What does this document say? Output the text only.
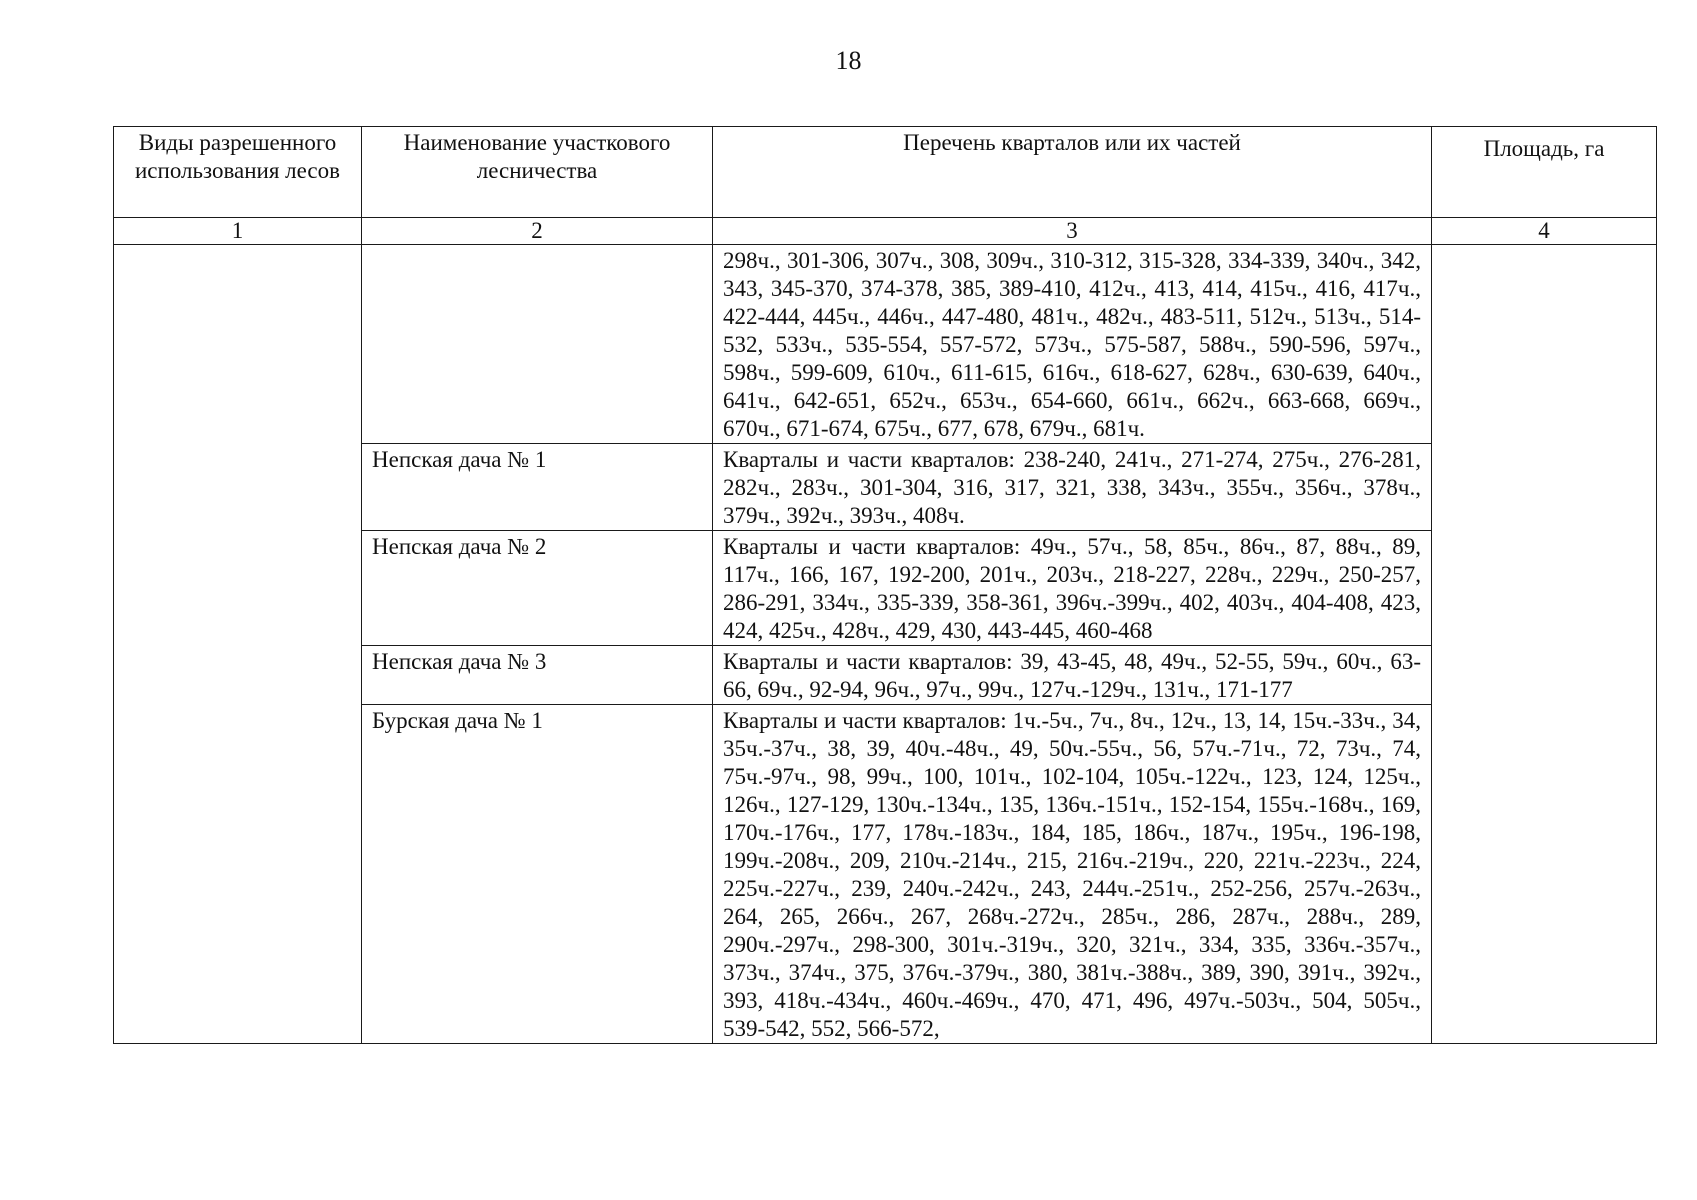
18
Виды разрешенного использования лесов	Наименование участкового лесничества	Перечень кварталов или их частей	Площадь, га
1	2	3	4
		298ч., 301-306, 307ч., 308, 309ч., 310-312, 315-328, 334-339, 340ч., 342, 343, 345-370, 374-378, 385, 389-410, 412ч., 413, 414, 415ч., 416, 417ч., 422-444, 445ч., 446ч., 447-480, 481ч., 482ч., 483-511, 512ч., 513ч., 514-532, 533ч., 535-554, 557-572, 573ч., 575-587, 588ч., 590-596, 597ч., 598ч., 599-609, 610ч., 611-615, 616ч., 618-627, 628ч., 630-639, 640ч., 641ч., 642-651, 652ч., 653ч., 654-660, 661ч., 662ч., 663-668, 669ч., 670ч., 671-674, 675ч., 677, 678, 679ч., 681ч.	
	Непская дача № 1	Кварталы и части кварталов: 238-240, 241ч., 271-274, 275ч., 276-281, 282ч., 283ч., 301-304, 316, 317, 321, 338, 343ч., 355ч., 356ч., 378ч., 379ч., 392ч., 393ч., 408ч.	
	Непская дача № 2	Кварталы и части кварталов: 49ч., 57ч., 58, 85ч., 86ч., 87, 88ч., 89, 117ч., 166, 167, 192-200, 201ч., 203ч., 218-227, 228ч., 229ч., 250-257, 286-291, 334ч., 335-339, 358-361, 396ч.-399ч., 402, 403ч., 404-408, 423, 424, 425ч., 428ч., 429, 430, 443-445, 460-468	
	Непская дача № 3	Кварталы и части кварталов: 39, 43-45, 48, 49ч., 52-55, 59ч., 60ч., 63-66, 69ч., 92-94, 96ч., 97ч., 99ч., 127ч.-129ч., 131ч., 171-177	
	Бурская дача № 1	Кварталы и части кварталов: 1ч.-5ч., 7ч., 8ч., 12ч., 13, 14, 15ч.-33ч., 34, 35ч.-37ч., 38, 39, 40ч.-48ч., 49, 50ч.-55ч., 56, 57ч.-71ч., 72, 73ч., 74, 75ч.-97ч., 98, 99ч., 100, 101ч., 102-104, 105ч.-122ч., 123, 124, 125ч., 126ч., 127-129, 130ч.-134ч., 135, 136ч.-151ч., 152-154, 155ч.-168ч., 169, 170ч.-176ч., 177, 178ч.-183ч., 184, 185, 186ч., 187ч., 195ч., 196-198, 199ч.-208ч., 209, 210ч.-214ч., 215, 216ч.-219ч., 220, 221ч.-223ч., 224, 225ч.-227ч., 239, 240ч.-242ч., 243, 244ч.-251ч., 252-256, 257ч.-263ч., 264, 265, 266ч., 267, 268ч.-272ч., 285ч., 286, 287ч., 288ч., 289, 290ч.-297ч., 298-300, 301ч.-319ч., 320, 321ч., 334, 335, 336ч.-357ч., 373ч., 374ч., 375, 376ч.-379ч., 380, 381ч.-388ч., 389, 390, 391ч., 392ч., 393, 418ч.-434ч., 460ч.-469ч., 470, 471, 496, 497ч.-503ч., 504, 505ч., 539-542, 552, 566-572,	
